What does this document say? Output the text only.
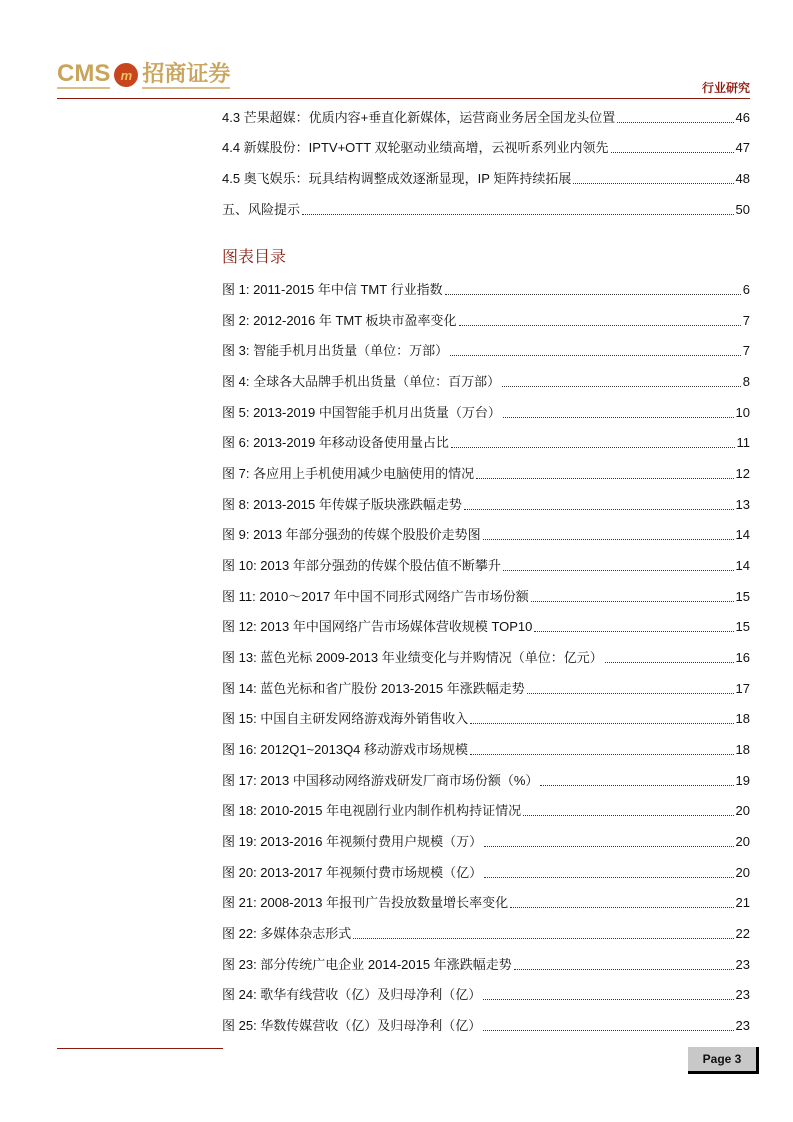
CMS m 招商证券
行业研究
4.3 芒果超媒：优质内容+垂直化新媒体，运营商业务居全国龙头位置	46
4.4 新媒股份：IPTV+OTT 双轮驱动业绩高增，云视听系列业内领先	47
4.5 奥飞娱乐：玩具结构调整成效逐渐显现，IP 矩阵持续拓展	48
五、风险提示	50
图表目录
图 1: 2011-2015 年中信 TMT 行业指数	6
图 2: 2012-2016 年 TMT 板块市盈率变化	7
图 3: 智能手机月出货量（单位：万部）	7
图 4: 全球各大品牌手机出货量（单位：百万部）	8
图 5: 2013-2019 中国智能手机月出货量（万台）	10
图 6: 2013-2019 年移动设备使用量占比	11
图 7: 各应用上手机使用减少电脑使用的情况	12
图 8: 2013-2015 年传媒子版块涨跌幅走势	13
图 9: 2013 年部分强劲的传媒个股股价走势图	14
图 10: 2013 年部分强劲的传媒个股估值不断攀升	14
图 11: 2010～2017 年中国不同形式网络广告市场份额	15
图 12: 2013 年中国网络广告市场媒体营收规模 TOP10	15
图 13: 蓝色光标 2009-2013 年业绩变化与并购情况（单位：亿元）	16
图 14: 蓝色光标和省广股份 2013-2015 年涨跌幅走势	17
图 15: 中国自主研发网络游戏海外销售收入	18
图 16: 2012Q1~2013Q4 移动游戏市场规模	18
图 17: 2013 中国移动网络游戏研发厂商市场份额（%）	19
图 18: 2010-2015 年电视剧行业内制作机构持证情况	20
图 19: 2013-2016 年视频付费用户规模（万）	20
图 20: 2013-2017 年视频付费市场规模（亿）	20
图 21: 2008-2013 年报刊广告投放数量增长率变化	21
图 22: 多媒体杂志形式	22
图 23: 部分传统广电企业 2014-2015 年涨跌幅走势	23
图 24: 歌华有线营收（亿）及归母净利（亿）	23
图 25: 华数传媒营收（亿）及归母净利（亿）	23
Page 3
